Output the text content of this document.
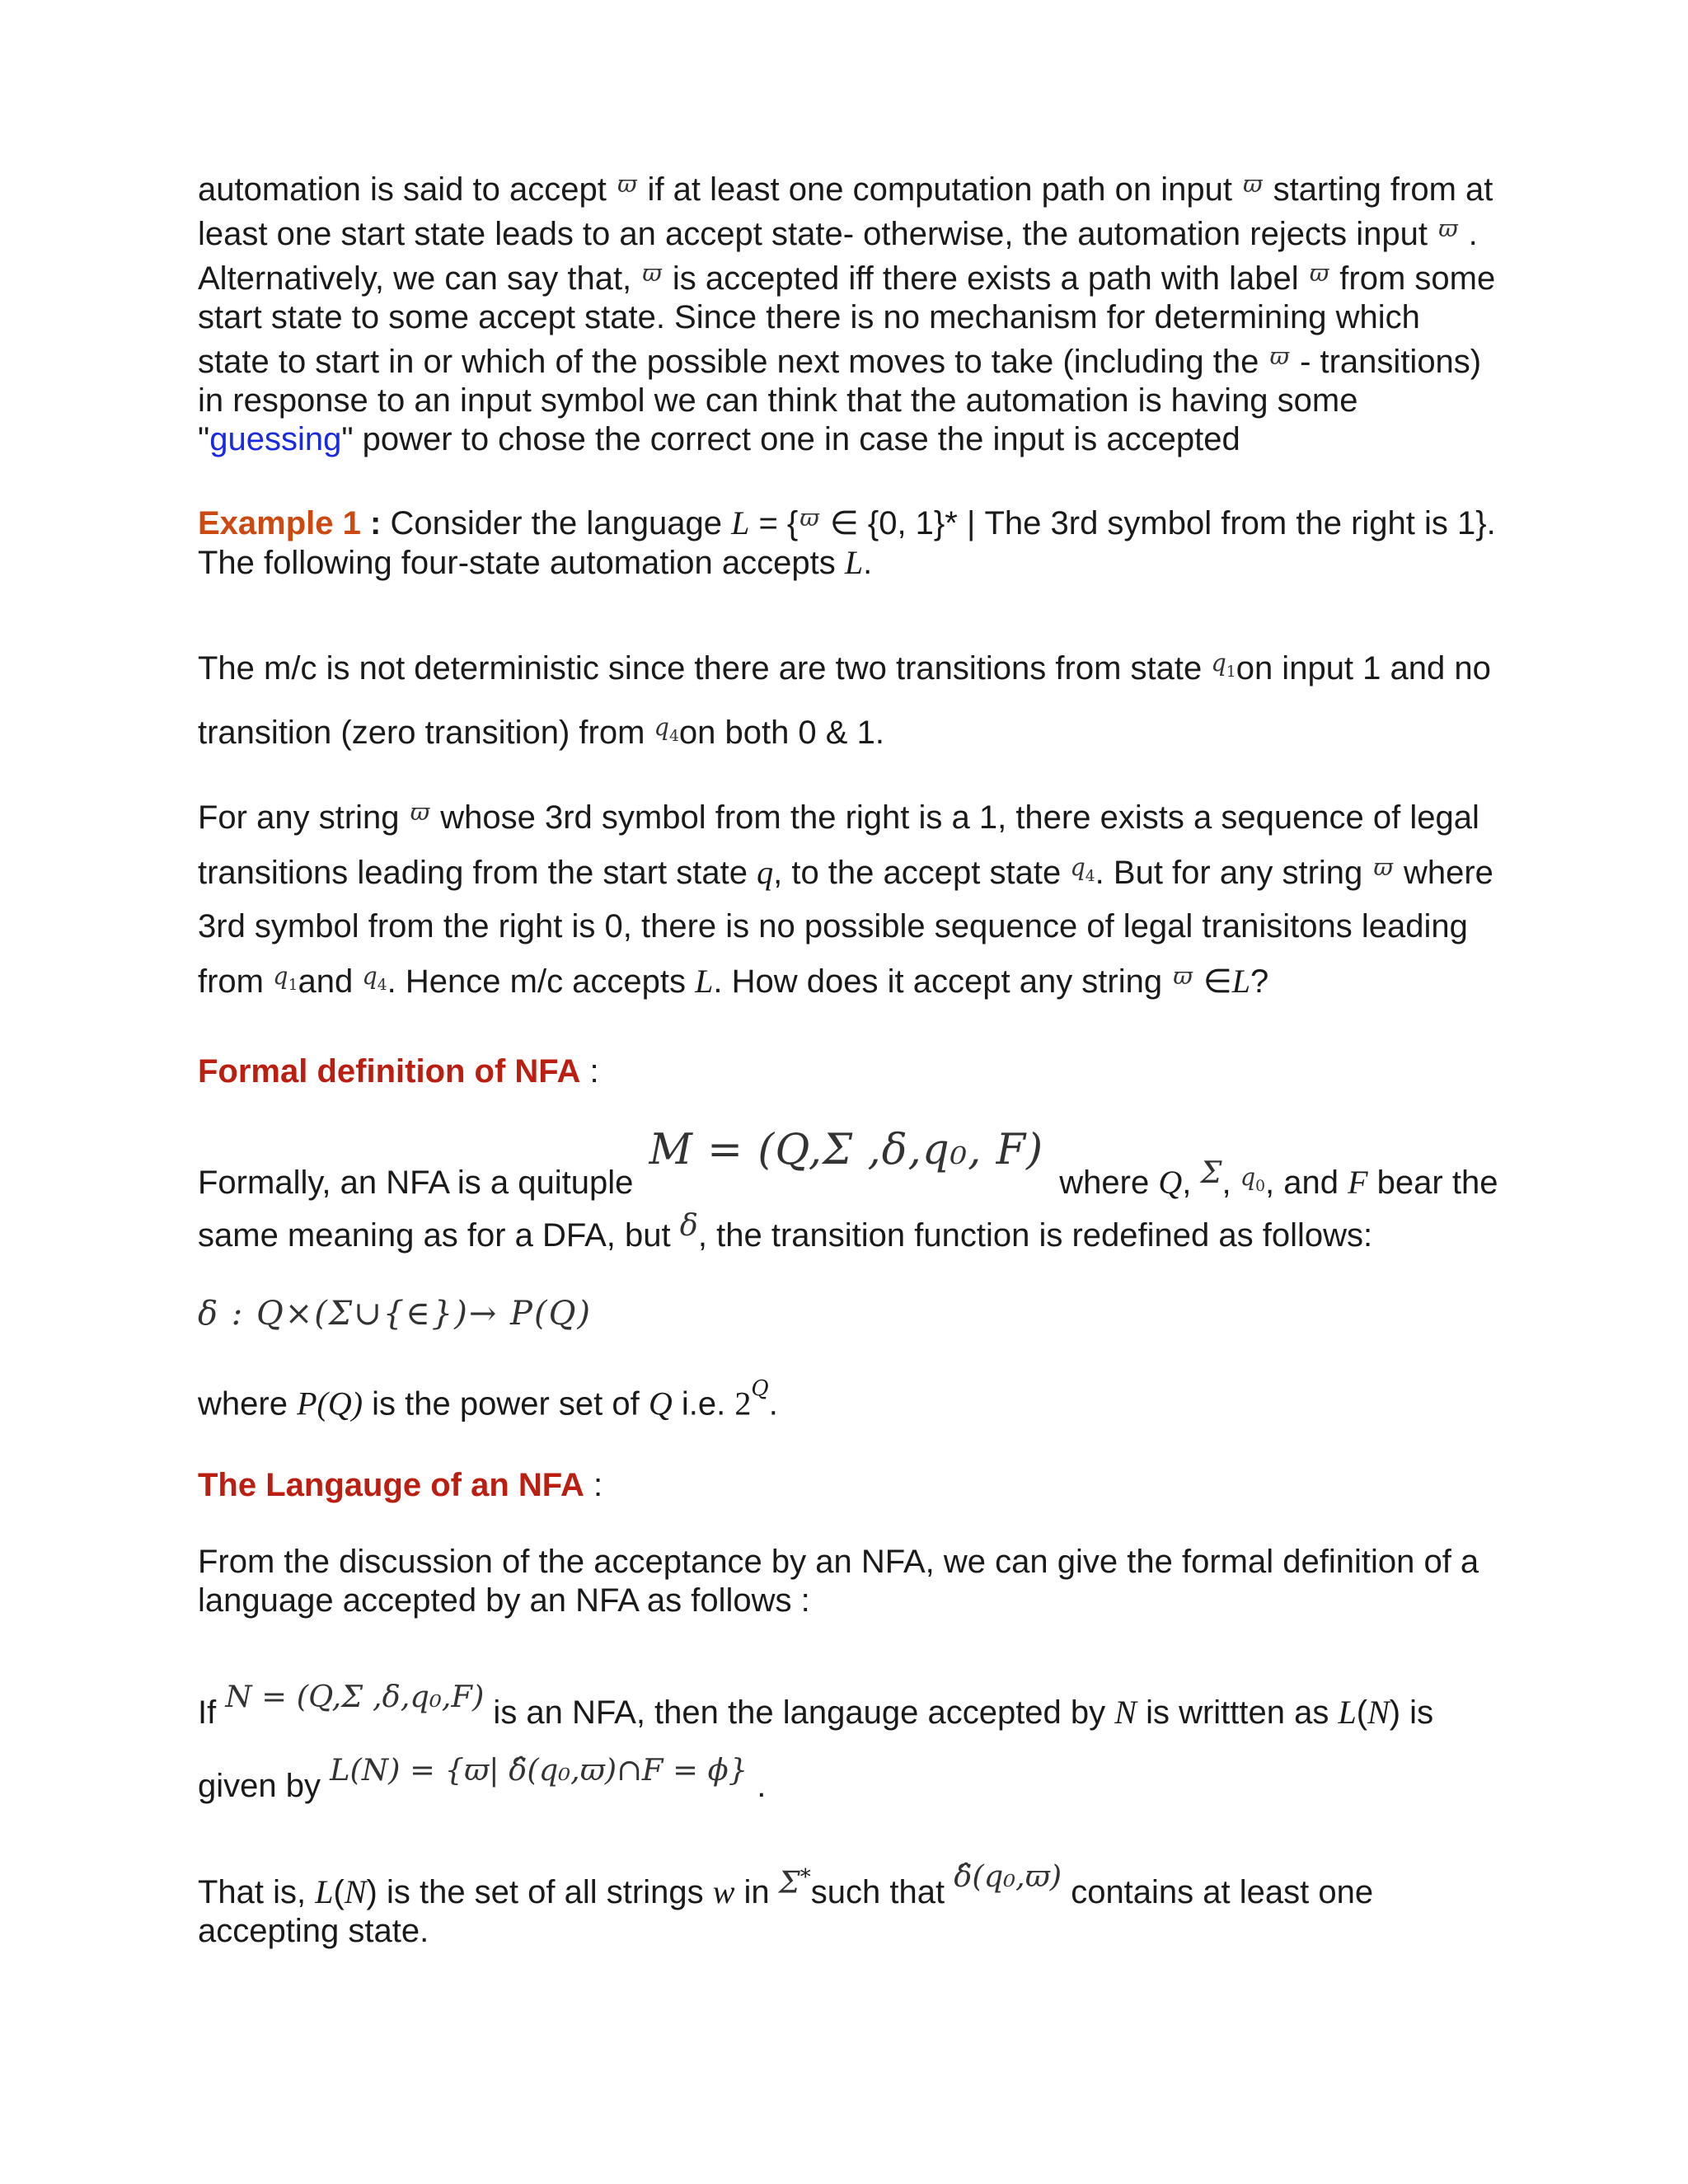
automation is said to accept $^ϖ$ if at least one computation path on input $^ϖ$ starting from at least one start state leads to an accept state- otherwise, the automation rejects input $^ϖ$ . Alternatively, we can say that, $^ϖ$ is accepted iff there exists a path with label $^ϖ$ from some start state to some accept state. Since there is no mechanism for determining which state to start in or which of the possible next moves to take (including the $^ϖ$ - transitions) in response to an input symbol we can think that the automation is having some "guessing" power to chose the correct one in case the input is accepted

Example 1 : Consider the language L = {$^ϖ$ ∈ {0, 1}* | The 3rd symbol from the right is 1}. The following four-state automation accepts L.

The m/c is not deterministic since there are two transitions from state $^{q_1}$on input 1 and no transition (zero transition) from $^{q_4}$on both 0 & 1.

For any string $^ϖ$ whose 3rd symbol from the right is a 1, there exists a sequence of legal transitions leading from the start state q, to the accept state $^{q_4}$. But for any string $^ϖ$ where 3rd symbol from the right is 0, there is no possible sequence of legal tranisitons leading from $^{q_1}$and $^{q_4}$. Hence m/c accepts L. How does it accept any string $^ϖ$ ∈L?

Formal definition of NFA :

Formally, an NFA is a quituple M = (Q,Σ ,δ,q₀, F) where Q, Σ, $^{q_0}$, and F bear the same meaning as for a DFA, but δ, the transition function is redefined as follows:

δ : Q×(Σ∪{∈})→ P(Q)

where P(Q) is the power set of Q i.e. $2^Q$.

The Langauge of an NFA :

From the discussion of the acceptance by an NFA, we can give the formal definition of a language accepted by an NFA as follows :

If N = (Q,Σ ,δ,q₀,F) is an NFA, then the langauge accepted by N is writtten as L(N) is given by L(N) = {ϖ| δ̂(q₀,ϖ)∩F = ϕ} .

That is, L(N) is the set of all strings w in Σ*such that δ̂(q₀,ϖ) contains at least one accepting state.
